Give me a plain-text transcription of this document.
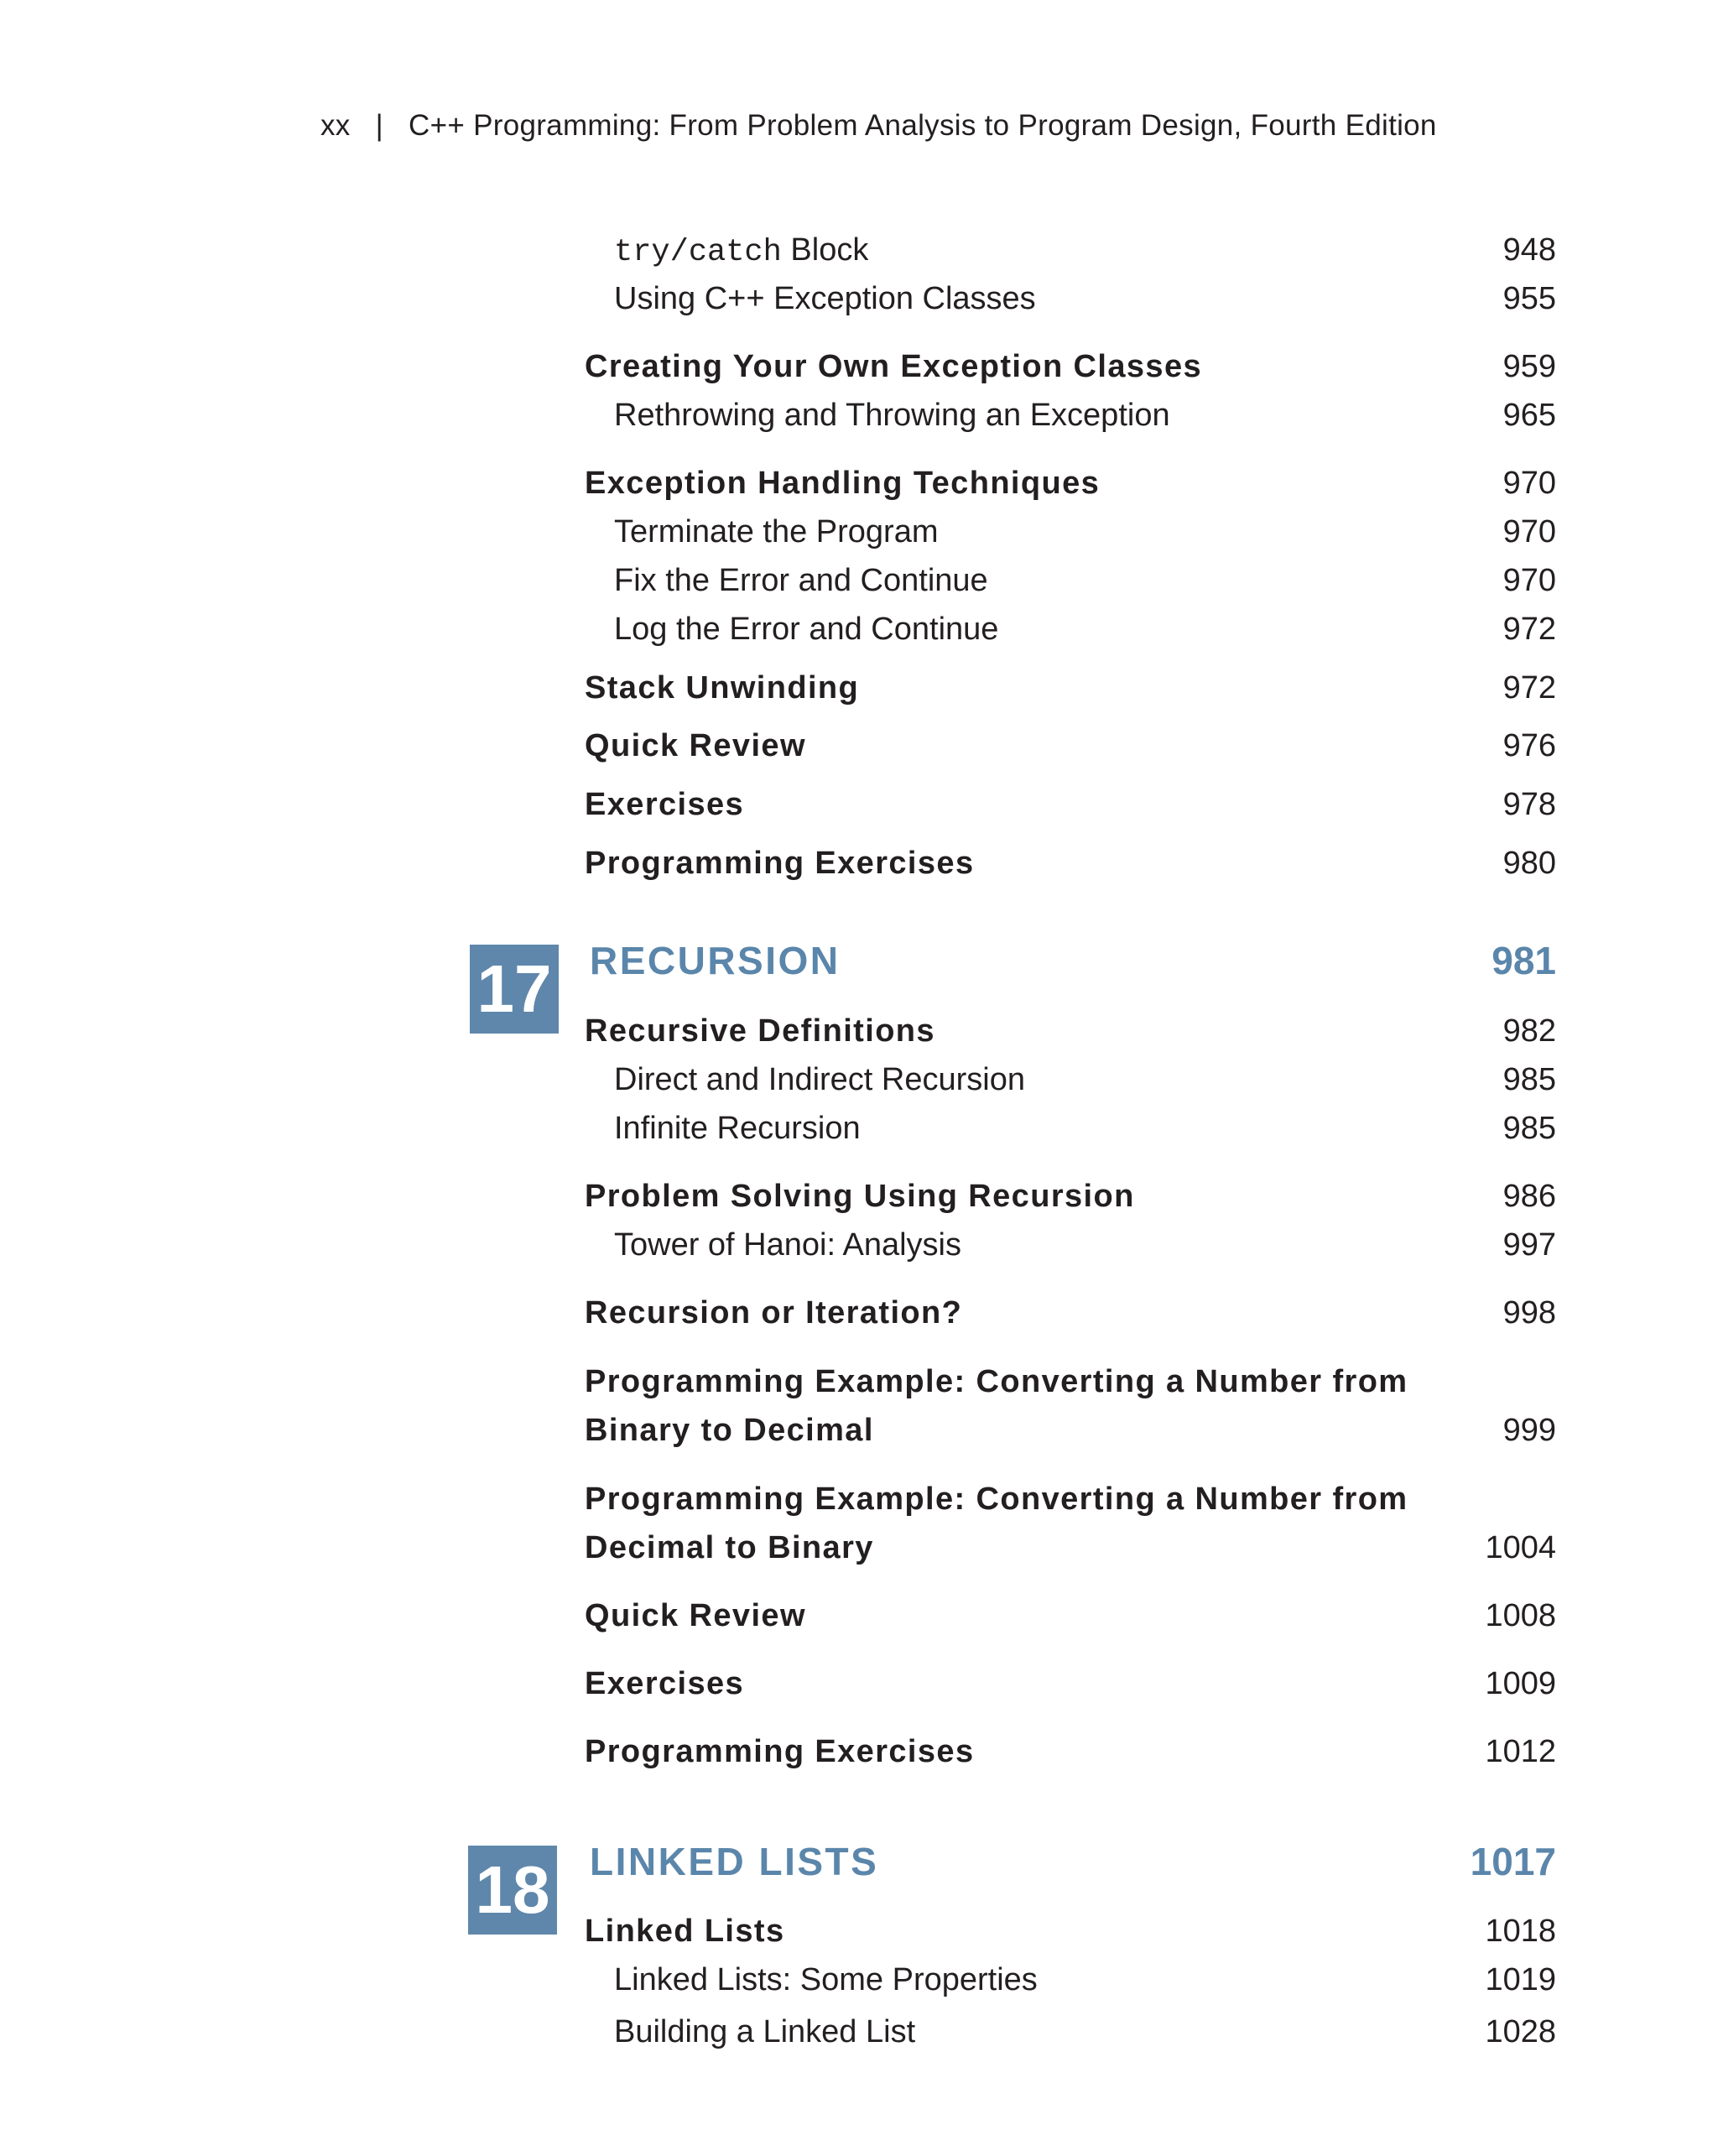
xx | C++ Programming: From Problem Analysis to Program Design, Fourth Edition
try/catch Block	948
Using C++ Exception Classes	955
Creating Your Own Exception Classes	959
Rethrowing and Throwing an Exception	965
Exception Handling Techniques	970
Terminate the Program	970
Fix the Error and Continue	970
Log the Error and Continue	972
Stack Unwinding	972
Quick Review	976
Exercises	978
Programming Exercises	980
17 RECURSION	981
Recursive Definitions	982
Direct and Indirect Recursion	985
Infinite Recursion	985
Problem Solving Using Recursion	986
Tower of Hanoi: Analysis	997
Recursion or Iteration?	998
Programming Example: Converting a Number from
Binary to Decimal	999
Programming Example: Converting a Number from
Decimal to Binary	1004
Quick Review	1008
Exercises	1009
Programming Exercises	1012
18 LINKED LISTS	1017
Linked Lists	1018
Linked Lists: Some Properties	1019
Building a Linked List	1028
